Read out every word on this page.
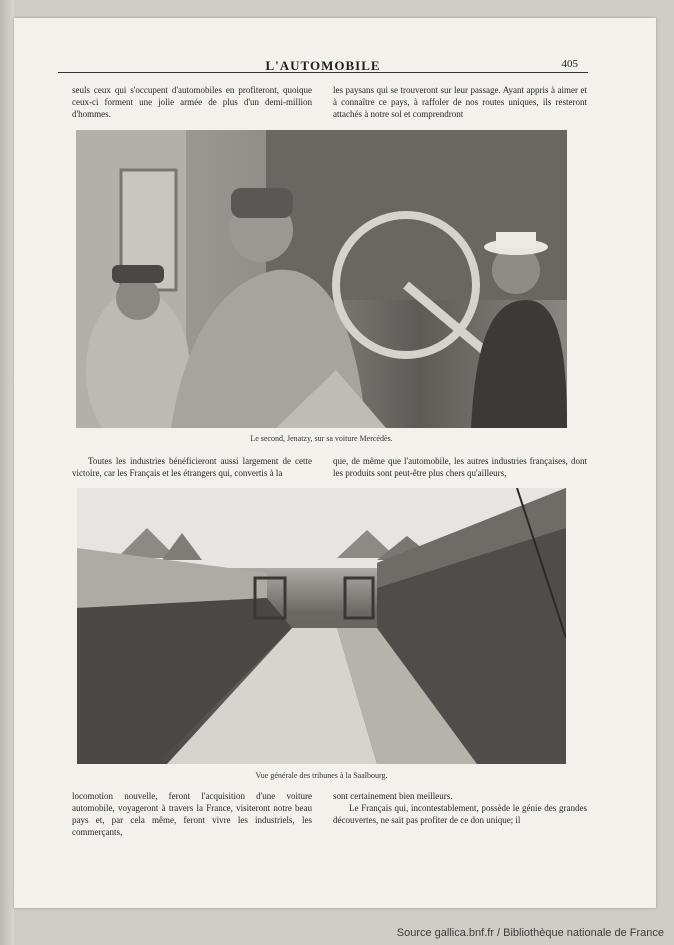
L'AUTOMOBILE	405

seuls ceux qui s'occupent d'automobiles en profiteront, quoique ceux-ci forment une jolie armée de plus d'un demi-million d'hommes.

les paysans qui se trouveront sur leur passage. Ayant appris à aimer et à connaître ce pays, à raffoler de nos routes uniques, ils resteront attachés à notre sol et comprendront

Le second, Jenatzy, sur sa voiture Mercédès.

Toutes les industries bénéficieront aussi largement de cette victoire, car les Français et les étrangers qui, convertis à la

que, de même que l'automobile, les autres industries françaises, dont les produits sont peut-être plus chers qu'ailleurs,

Vue générale des tribunes à la Saalbourg.

locomotion nouvelle, feront l'acquisition d'une voiture automobile, voyageront à travers la France, visiteront notre beau pays et, par cela même, feront vivre les industriels, les commerçants,

sont certainement bien meilleurs.

Le Français qui, incontestablement, possède le génie des grandes découvertes, ne sait pas profiter de ce don unique; il

Source gallica.bnf.fr / Bibliothèque nationale de France
